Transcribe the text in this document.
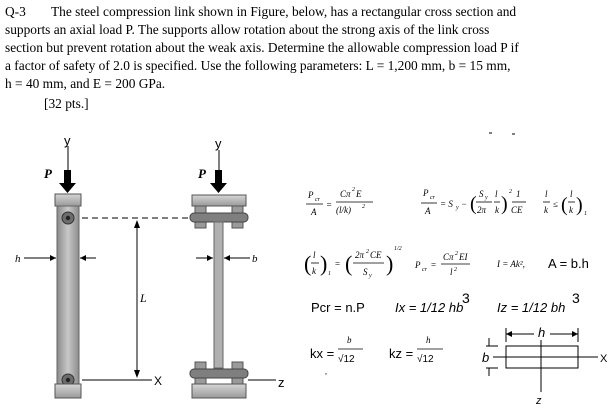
Q-3 The steel compression link shown in Figure, below, has a rectangular cross section and
supports an axial load P. The supports allow rotation about the strong axis of the link cross
section but prevent rotation about the weak axis. Determine the allowable compression load P if
a factor of safety of 2.0 is specified. Use the following parameters: L = 1,200 mm, b = 15 mm,
h = 40 mm, and E = 200 GPa.
[32 pts.]
y
P
h
L
X
y
P
b
z
P cr
A
=
Cπ 2 E
(l/k) 2
P cr
A
= S y − ( S y
2π
l
k )
2 1
CE
l
k
≤ ( l
k ) 1
( l
k ) 1
= ( 2π 2 CE
S y )
1/2
P cr =
Cπ 2 EI
l 2
I = Ak², A = b.h
Pcr = n.P Ix = 1/12 hb
3
Iz = 1/12 bh
3
kx =
b
√12
,
kz =
h
√12
h
X
z
b
